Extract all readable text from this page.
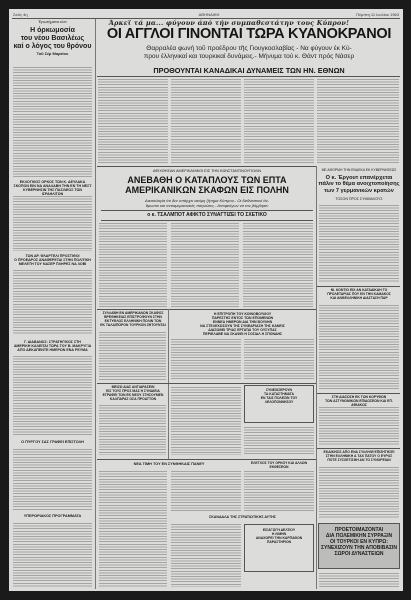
Σελίς 4η	ΑΘΗΝΑΙΚΗ	Πέμπτη 11 Ιουλίου 1963
Άρκεϊ τά μα... φύγουν άπό τήν συμπαθεστάτην τους Κύπρον!
ΟΙ ΑΓΓΛΟΙ ΓΙΝΟΝΤΑΙ ΤΩΡΑ ΚΥΑΝΟΚΡΑΝΟΙ
Θαρραλέα φωνή τοῦ προέδρου τῆς Γιουγκοσλαβίας - Να φύγουν έκ Κύ-
πρου έλληνικαί και τουρκικαί δυνάμεις.- Μήνυμα τού κ. Θάντ πρός Νάσερ
ΠΡΟΘΟΥΝΤΑΙ ΚΑΝΑΔΙΚΑΙ ΔΥΝΑΜΕΙΣ ΤΩΝ ΗΝ. ΕΘΝΩΝ
Έρωτήματα κλπ
Η όρκωμοσία
του νέου Βασιλέως
καί ο λόγος του θρόνου
Τοῦ Σέρ Μαρτίου
ΕΚΛΟΓΙΚΟΣ ΟΡΚΟΣ ΤΩΝ Κ. ΔΕΥΛΑΚΑ
ΣΚΟΠΟΝ ΕΙΝ ΝΑ ΑΝΑΛΑΒΗ ΤΗΝ ΕΝ ΤΗ ΝΕΣΤ
ΚΥΒΕΡΝΗΣΙΝ ΤΗΣ ΠΑΣΙΛΕΟΣ ΤΩΝ ΙΣΡΑΗΛΙΤΩΝ
ΤΩΝ ΔΡ. ΦΛΑΡΤΕΛΙ ΠΡΟΣΤΙΘΟΙ
Ο ΠΡΟΕΔΡΟΣ ΑΝΑΦΕΡΕΤΑΙ ΣΤΗΝ ΠΟΛΙΤΙΚΗ
ΜΕΛΕΤΗ ΤΟΥ ΝΑΣΕΡ ΠΛΗΡΕΣ ΝΑ ΛΟΒΙ
Γ. ΔΙΑΒΑΝΟΣ: ΣΤΡΑΤΗΓΙΚΟΣ ΣΤΗ
ΑΜΕΡΙΚΗ ΚΑΛΕΙΤΑΙ ΤΩΡΑ ΤΟΥ Β. ΜΑΚΡΥΓΙΑ
ΑΠΟ ΔΕΚΑΠΕΝΤΕ ΗΜΕΡΩΝ ΕΝΑ ΡΕΥΜΑ
Ο ΠΥΡΓΟΥ ΣΑΣ ΓΡΑΦΕΙ ΕΠΙΣΤΟΛΗ
ΥΠΕΡΩΡΙΑΚΟΣ ΠΡΟΓΡΑΜΜΑΤΑ
ΑΦΙΧΘΗΣΑΝ ΑΜΕΡΙΚΑΝΙΚΟΙ ΕΙΣ ΤΗΝ ΚΩΝΣΤΑΝΤΙΝΟΥΠΟΛΙΝ
ΑΝΕΒΑΘΗ Ο ΚΑΤΑΠΛΟΥΣ ΤΩΝ ΕΠΤΑ
ΑΜΕΡΙΚΑΝΙΚΩΝ ΣΚΑΦΩΝ ΕΙΣ ΠΟΛΗΝ
Δικαιολογία ότι δεν υπάρχει ακόμη ζήτημα Κύπρου.- Οι διεθνιστικοί άν-
θρωποι και αντιαμερικανικές πατριώτες.- Αποφεύγων να τον βόμβησιν
ο κ. ΤΣΑΛΜΠΟΤ ΑΦΙΚΤΟ ΣΥΝΑΓΤΙΖΕΙ ΤΟ ΣΧΕΤΙΚΟ
ΣΥΛΛΑΒΗ ΕΝ ΑΜΕΡΙΚΑΝΩΝ ΣΚΑΦΟΣ
ΒΡΕΘΗΚΕΙΑΣ ΕΠΙΣΤΡΟΦΟΥΝ ΣΤΗΝ
ΕΚΤΥΦΛΟΣ ΕΛΛΗΝΙΚΗ ΠΟΛΙΝ ΤΩΝ
ΕΚ ΤΑΛΑΙΠΩΡΟΝ ΤΟΥΡΚΟΝ ΖΗΤΟΥΝΤΑΙ
Η ΕΠΙΤΡΟΠΗ ΤΟΥ ΚΟΙΝΟΒΟΥΛΙΟΥ
ΠΑΡΕΣΤΗΣ ΕΝΤΟΣ ΤΩΝ ΕΠΟΜΕΝΩΝ
ΕΝΝΕΑ ΗΜΕΡΩΝ ΔΙΑ ΤΗΝ ΒΟΥΛΗΝ
ΝΑ ΣΤΕΛΕΧΩΣΟΥΝ ΤΗΣ ΣΥΝΕΔΡΙΑΣΗ ΤΗΣ ΚΑΝΕΙΣ
ΔΙΑΣΩΘΕΙ ΤΡΙΑΣ ΕΡΓΑΤΑΙ ΤΟΥ ΟΥΣΥΠΑΣ
ΠΕΡΙΕΛΑΒΕ ΝΑ ΣΚΑΨΕΙ Η ΣΟΣΙΑΛ Η ΣΠΟΝΔΗΣ
ΜΕΙΖΩ ΔΙΑΣ ΑΝΤΙΔΡΑΣΕΙΝ
ΕΙΣ ΤΟΥΣ ΠΡΟΣ ΜΑΣ Η ΣΥΝΑΙΕΙΑ
ΕΓΡΑΦΕΙ ΤΩΝ ΕΚ ΝΕΟΥ ΣΤΗΣΟΥΜΕΝ
ΚΑΛΠΑΡΑΣ ΟΣΑ ΠΡΟΑΤΤΟΝ
ΣΥΝΕΧΙΣΕΡΟΥΝ
ΤΑ ΚΑΤΑΣΤΗΜΑΤΑ
ΕΝ ΤΑΙΣ ΠΟΛΕΣΙΝ ΤΟΥ
ΛΕΛΟΠΟΝΝΗΣΟΥ
ΝΕΑ ΤΙΜΗ ΤΟΥ ΕΝ ΣΥΝΘΗΚΑΙΣ ΠΑΝΕΥ	ΕΛΕΓΧΟΣ ΤΟΥ ΟΡΚΟΥ ΚΑΙ ΑΛΛΩΝ ΕΚΘΕΣΕΩΝ
ΣΚΑΝΔΑΛΑ ΤΗΣ ΣΤΡΑΤΙΩΤΙΚΗΣ ΑΥΤΗΣ
ΕΙΣΑΓΩΓΗ ΔΕΛΤΙΟΥ
Η ΛΙΜΗΝ
ΑΝΑΧΩΡΕΙ ΤΗΝ ΚΑΡΠΑΘΟΝ
ΠΑΡΑΣΤΗΡΙΟΝ
ΜΕ ΑΦΟΡΜΗ ΤΗΝ ΕΝΔΕΚΑ ΕΚ ΚΥΒΕΡΝΗΣΕΩΣ
Ο κ. Έργουτ επανέρχεται
πάλιν το θέμα ανοιχτοποίησης
των 7 γερμανικών κρατών
ΤΟΣΟΝ ΠΡΟΣ ΣΥΜΜΑΧΟΥΣ
ΝΙ. ΚΟΝΤΙΟ ΕΙΧ ΑΝ ΚΑΤΑΔΙΚΑΗ ΤΟ
ΠΡΟΛΕΤΑΡΙΑΣ ΠΟΥ ΕΝ ΤΗΝ ΚΑΜΑΚΟΣ
ΚΑΙ ΑΝΘΕΛΛΗΝΙΚΗ ΔΙΑΣΤΑΣΗ ΠΑΡ
ΣΤΗ ΔΙΑΣΩΣΗ ΕΚ ΤΩΝ ΚΟΡΥΦΩΝ
ΤΩΝ ΑΣΤΥΝΟΜΙΚΩΝ ΕΠΙΔΟΣΕΩΝ ΚΑΙ ΕΠ. ΑΦΙΑΚΩΣ
ΕΚΔΙΚΗΣΙΣ ΑΠΟ ΕΝΑ ΣΥΛΛΗΨΙ ΕΠΙΖΗΤΗΣΕΙ
ΣΤΗΝ ΕΛΛΗΝΙΚΗ Α ΤΑΧ ΠΑΤΟΥ Ο ΕΥΡΟΣ
ΠΟΤΕ ΣΥΣΧΕΤΙΣΘΗ ΑΝ ΤΟ ΣΥΝΟΡΕΙΑΝ
ΠΡΟΕΤΟΙΜΑΖΟΝΤΑΙ
ΔΙΑ ΠΟΛΕΜΙΚΗΝ ΣΥΡΡΑΞΙΝ
ΟΙ ΤΟΥΡΚΟΙ ΕΝ ΚΥΠΡΩ:
ΣΥΝΕΧΙΖΟΥΝ ΤΗΝ ΑΠΟΒΙΒΑΣΙΝ
ΣΩΡΟΙ ΔΥΝΑΣΤΕΙΩΝ
